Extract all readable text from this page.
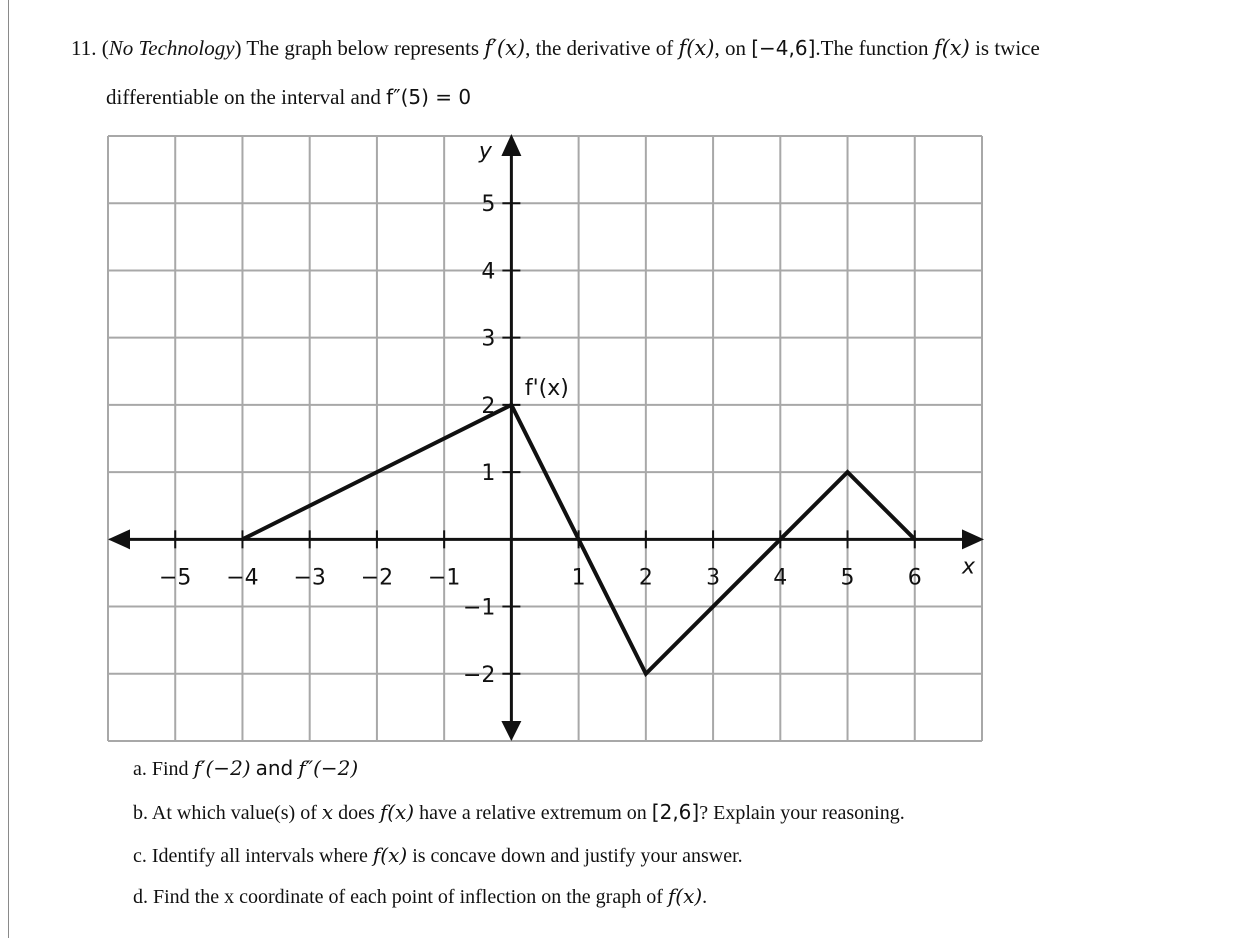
11. (No Technology) The graph below represents f′(x), the derivative of f(x), on [−4,6].The function f(x) is twice
differentiable on the interval and f″(5) = 0
−5 −4 −3 −2 −1	1 2 3 4 5 6
5
4
3
2
1
−1
−2
x
y
f'(x)
a. Find f′(−2) and f″(−2)
b. At which value(s) of x does f(x) have a relative extremum on [2,6]? Explain your reasoning.
c. Identify all intervals where f(x) is concave down and justify your answer.
d. Find the x coordinate of each point of inflection on the graph of f(x).
